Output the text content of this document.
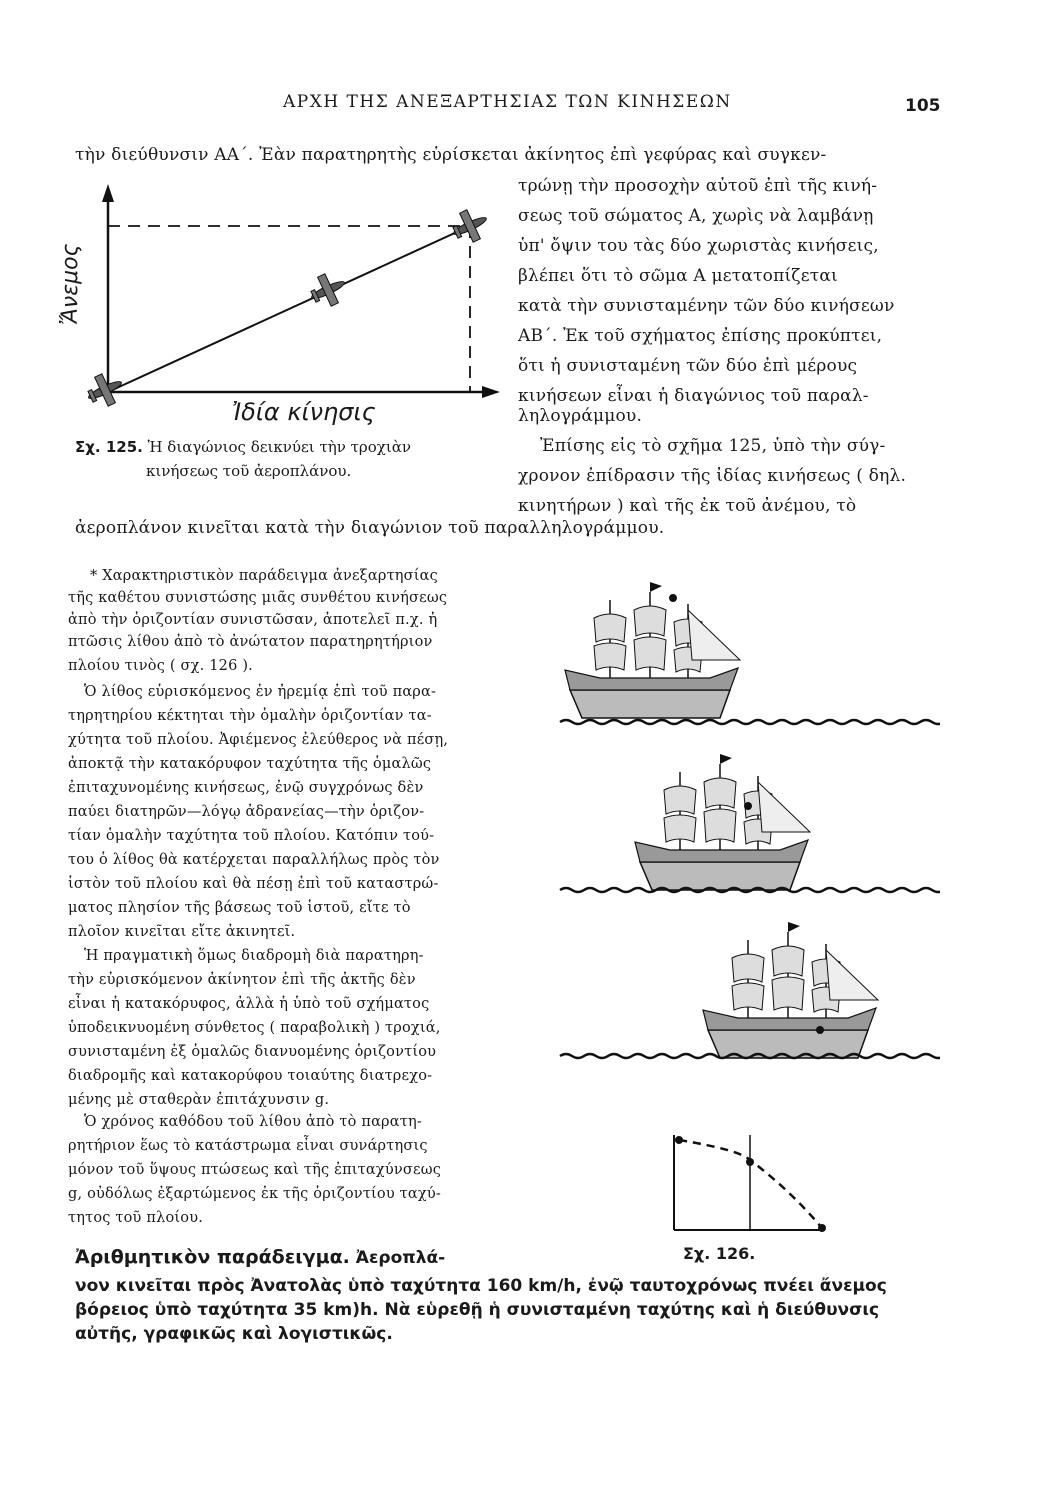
ΑΡΧΗ ΤΗΣ ΑΝΕΞΑΡΤΗΣΙΑΣ ΤΩΝ ΚΙΝΗΣΕΩΝ	105
τὴν διεύθυνσιν ΑΑ΄. Ἐὰν παρατηρητὴς εὑρίσκεται ἀκίνητος ἐπὶ γεφύρας καὶ συγκεν-
τρώνῃ τὴν προσοχὴν αὐτοῦ ἐπὶ τῆς κινή-
σεως τοῦ σώματος Α, χωρὶς νὰ λαμβάνῃ
ὑπ' ὄψιν του τὰς δύο χωριστὰς κινήσεις,
βλέπει ὅτι τὸ σῶμα Α μετατοπίζεται
κατὰ τὴν συνισταμένην τῶν δύο κινήσεων
ΑΒ΄. Ἐκ τοῦ σχήματος ἐπίσης προκύπτει,
ὅτι ἡ συνισταμένη τῶν δύο ἐπὶ μέρους
κινήσεων εἶναι ἡ διαγώνιος τοῦ παραλ-
ληλογράμμου.
Ἐπίσης εἰς τὸ σχῆμα 125, ὑπὸ τὴν σύγ-
χρονον ἐπίδρασιν τῆς ἰδίας κινήσεως ( δηλ.
κινητήρων ) καὶ τῆς ἐκ τοῦ ἀνέμου, τὸ
ἀεροπλάνον κινεῖται κατὰ τὴν διαγώνιον τοῦ παραλληλογράμμου.
Ἄνεμος
Ἰδία κίνησις
Σχ. 125. Ἡ διαγώνιος δεικνύει τὴν τροχιὰν
κινήσεως τοῦ ἀεροπλάνου.
* Χαρακτηριστικὸν παράδειγμα ἀνεξαρτησίας
τῆς καθέτου συνιστώσης μιᾶς συνθέτου κινήσεως
ἀπὸ τὴν ὁριζοντίαν συνιστῶσαν, ἀποτελεῖ π.χ. ἡ
πτῶσις λίθου ἀπὸ τὸ ἀνώτατον παρατηρητήριον
πλοίου τινὸς ( σχ. 126 ).
Ὁ λίθος εὑρισκόμενος ἐν ἠρεμίᾳ ἐπὶ τοῦ παρα-
τηρητηρίου κέκτηται τὴν ὁμαλὴν ὁριζοντίαν τα-
χύτητα τοῦ πλοίου. Ἀφιέμενος ἐλεύθερος νὰ πέσῃ,
ἀποκτᾷ τὴν κατακόρυφον ταχύτητα τῆς ὁμαλῶς
ἐπιταχυνομένης κινήσεως, ἐνῷ συγχρόνως δὲν
παύει διατηρῶν—λόγῳ ἀδρανείας—τὴν ὁριζον-
τίαν ὁμαλὴν ταχύτητα τοῦ πλοίου. Κατόπιν τού-
του ὁ λίθος θὰ κατέρχεται παραλλήλως πρὸς τὸν
ἱστὸν τοῦ πλοίου καὶ θὰ πέσῃ ἐπὶ τοῦ καταστρώ-
ματος πλησίον τῆς βάσεως τοῦ ἱστοῦ, εἴτε τὸ
πλοῖον κινεῖται εἴτε ἀκινητεῖ.
Ἡ πραγματικὴ ὅμως διαδρομὴ διὰ παρατηρη-
τὴν εὑρισκόμενον ἀκίνητον ἐπὶ τῆς ἀκτῆς δὲν
εἶναι ἡ κατακόρυφος, ἀλλὰ ἡ ὑπὸ τοῦ σχήματος
ὑποδεικνυομένη σύνθετος ( παραβολικὴ ) τροχιά,
συνισταμένη ἐξ ὁμαλῶς διανυομένης ὁριζοντίου
διαδρομῆς καὶ κατακορύφου τοιαύτης διατρεχο-
μένης μὲ σταθερὰν ἐπιτάχυνσιν g.
Ὁ χρόνος καθόδου τοῦ λίθου ἀπὸ τὸ παρατη-
ρητήριον ἕως τὸ κατάστρωμα εἶναι συνάρτησις
μόνον τοῦ ὕψους πτώσεως καὶ τῆς ἐπιταχύνσεως
g, οὐδόλως ἐξαρτώμενος ἐκ τῆς ὁριζοντίου ταχύ-
τητος τοῦ πλοίου.
Σχ. 126.
Ἀριθμητικὸν παράδειγμα. Ἀεροπλά-
νον κινεῖται πρὸς Ἀνατολὰς ὑπὸ ταχύτητα 160 km/h, ἐνῷ ταυτοχρόνως πνέει ἄνεμος
βόρειος ὑπὸ ταχύτητα 35 km)h. Νὰ εὑρεθῇ ἡ συνισταμένη ταχύτης καὶ ἡ διεύθυνσις
αὐτῆς, γραφικῶς καὶ λογιστικῶς.
